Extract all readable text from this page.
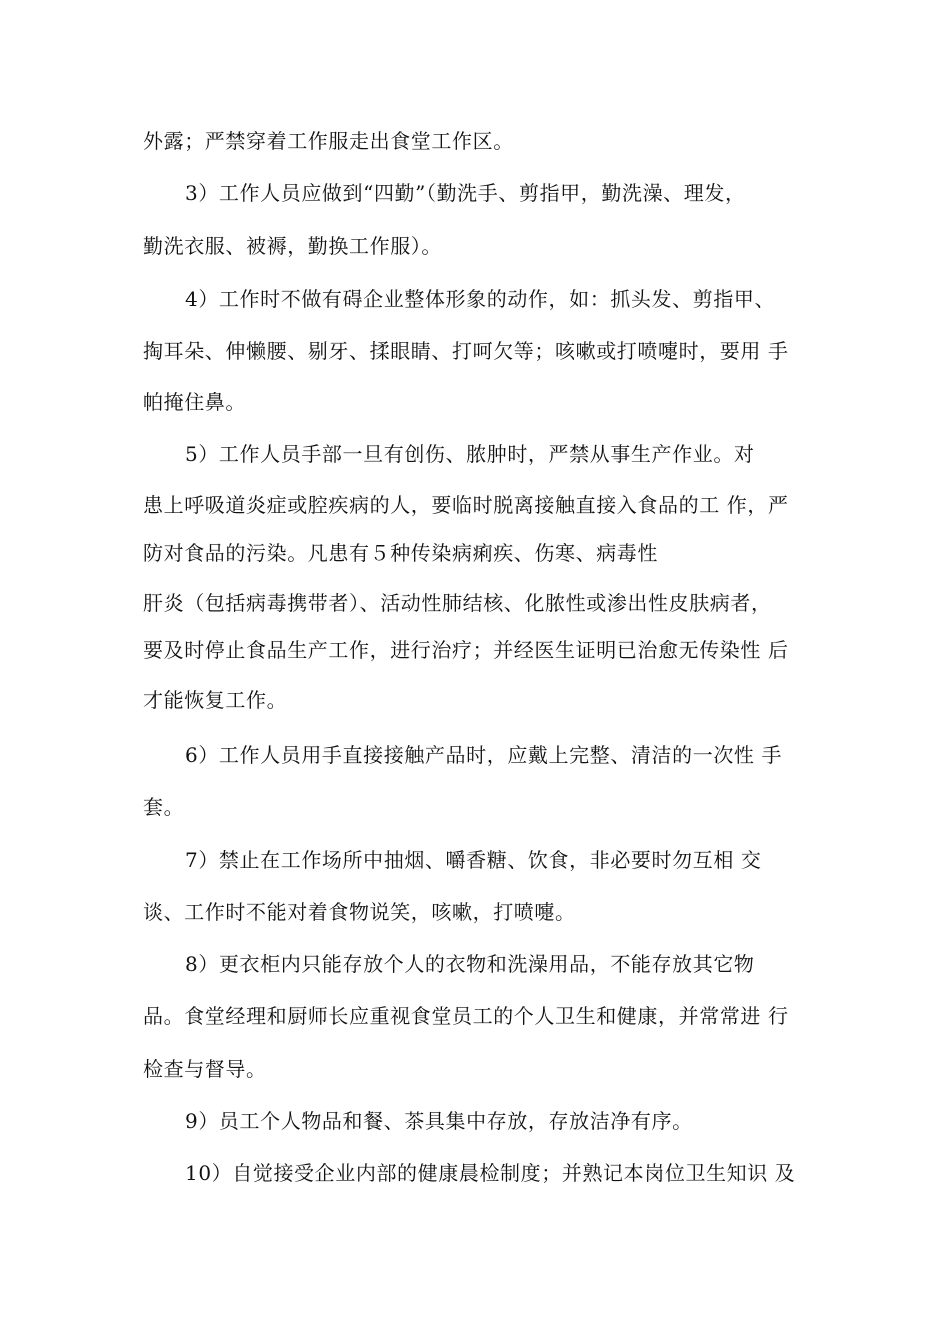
外露；严禁穿着工作服走出食堂工作区。
3）工作人员应做到“四勤”（勤洗手、剪指甲，勤洗澡、理发，
勤洗衣服、被褥，勤换工作服）。
4）工作时不做有碍企业整体形象的动作，如：抓头发、剪指甲、
掏耳朵、伸懒腰、剔牙、揉眼睛、打呵欠等；咳嗽或打喷嚏时，要用 手
帕掩住鼻。
5）工作人员手部一旦有创伤、脓肿时，严禁从事生产作业。对
患上呼吸道炎症或腔疾病的人，要临时脱离接触直接入食品的工 作，严
防对食品的污染。凡患有５种传染病痢疾、伤寒、病毒性
肝炎（包括病毒携带者）、活动性肺结核、化脓性或渗出性皮肤病者，
要及时停止食品生产工作，进行治疗；并经医生证明已治愈无传染性 后
才能恢复工作。
6）工作人员用手直接接触产品时，应戴上完整、清洁的一次性 手
套。
7）禁止在工作场所中抽烟、嚼香糖、饮食，非必要时勿互相 交
谈、工作时不能对着食物说笑，咳嗽，打喷嚏。
8）更衣柜内只能存放个人的衣物和洗澡用品，不能存放其它物
品。食堂经理和厨师长应重视食堂员工的个人卫生和健康，并常常进 行
检查与督导。
9）员工个人物品和餐、茶具集中存放，存放洁净有序。
10）自觉接受企业内部的健康晨检制度；并熟记本岗位卫生知识 及
